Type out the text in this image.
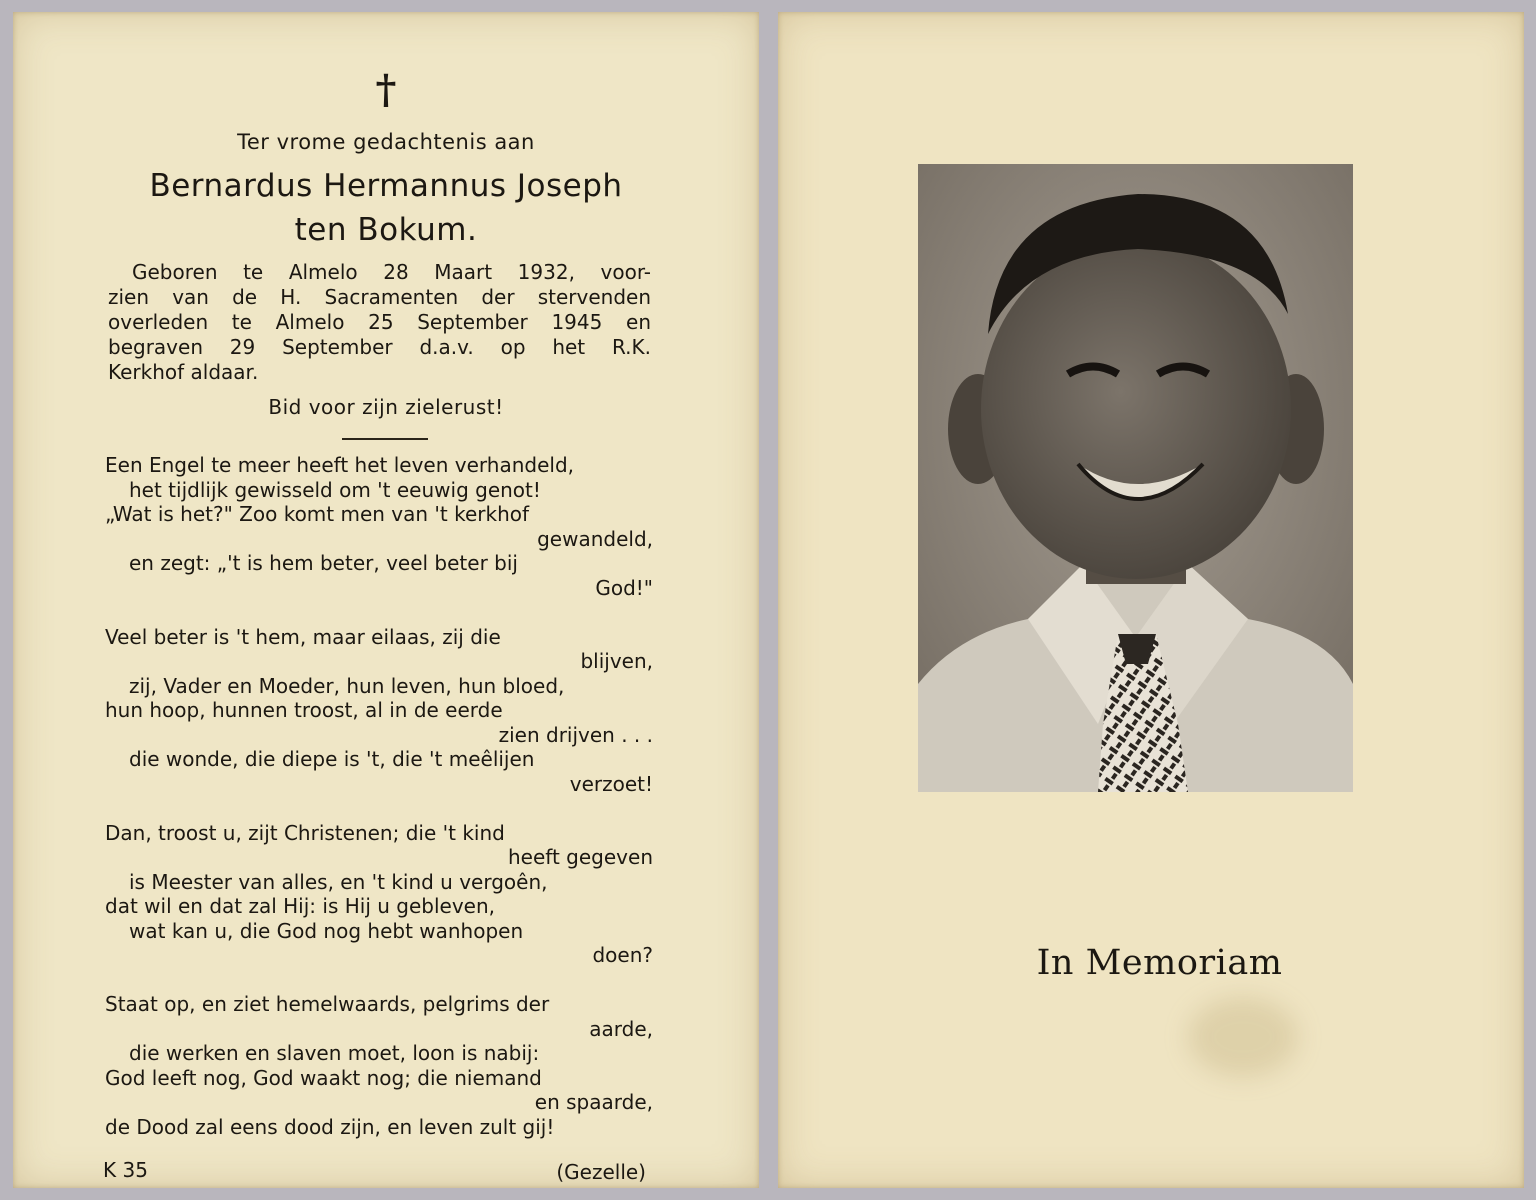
†
Ter vrome gedachtenis aan
Bernardus Hermannus Joseph
ten Bokum.
Geboren te Almelo 28 Maart 1932, voor-
zien van de H. Sacramenten der stervenden
overleden te Almelo 25 September 1945 en
begraven 29 September d.a.v. op het R.K.
Kerkhof aldaar.
Bid voor zijn zielerust!
Een Engel te meer heeft het leven verhandeld,
het tijdlijk gewisseld om 't eeuwig genot!
„Wat is het?" Zoo komt men van 't kerkhof
gewandeld,
en zegt: „'t is hem beter, veel beter bij
God!"
Veel beter is 't hem, maar eilaas, zij die
blijven,
zij, Vader en Moeder, hun leven, hun bloed,
hun hoop, hunnen troost, al in de eerde
zien drijven . . .
die wonde, die diepe is 't, die 't meêlijen
verzoet!
Dan, troost u, zijt Christenen; die 't kind
heeft gegeven
is Meester van alles, en 't kind u vergoên,
dat wil en dat zal Hij: is Hij u gebleven,
wat kan u, die God nog hebt wanhopen
doen?
Staat op, en ziet hemelwaards, pelgrims der
aarde,
die werken en slaven moet, loon is nabij:
God leeft nog, God waakt nog; die niemand
en spaarde,
de Dood zal eens dood zijn, en leven zult gij!
K 35	(Gezelle)
In Memoriam
